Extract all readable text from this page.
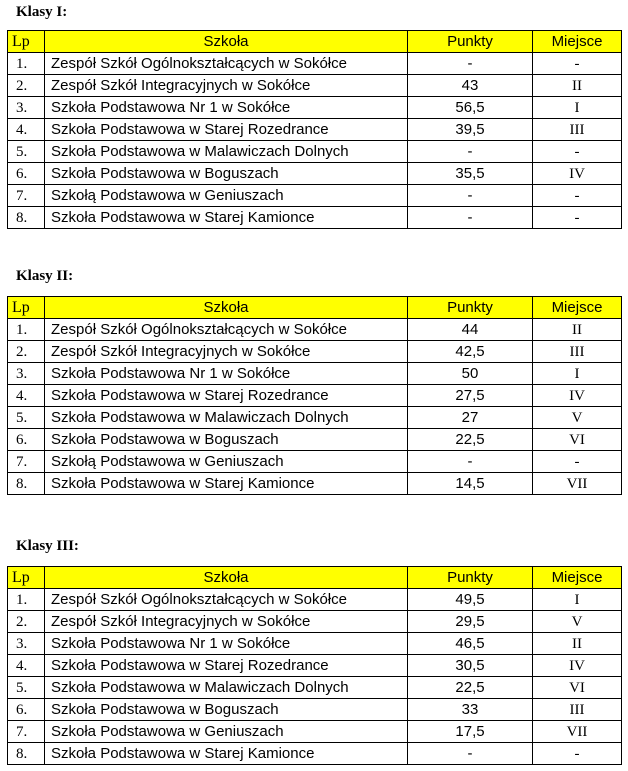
Klasy I:
Lp	Szkoła	Punkty	Miejsce
1.	Zespół Szkół Ogólnokształcących w Sokółce	-	-
2.	Zespół Szkół Integracyjnych w Sokółce	43	II
3.	Szkoła Podstawowa Nr 1 w Sokółce	56,5	I
4.	Szkoła Podstawowa w Starej Rozedrance	39,5	III
5.	Szkoła Podstawowa w Malawiczach Dolnych	-	-
6.	Szkoła Podstawowa w Boguszach	35,5	IV
7.	Szkołą Podstawowa w Geniuszach	-	-
8.	Szkoła Podstawowa w Starej Kamionce	-	-
Klasy II:
Lp	Szkoła	Punkty	Miejsce
1.	Zespół Szkół Ogólnokształcących w Sokółce	44	II
2.	Zespół Szkół Integracyjnych w Sokółce	42,5	III
3.	Szkoła Podstawowa Nr 1 w Sokółce	50	I
4.	Szkoła Podstawowa w Starej Rozedrance	27,5	IV
5.	Szkoła Podstawowa w Malawiczach Dolnych	27	V
6.	Szkoła Podstawowa w Boguszach	22,5	VI
7.	Szkołą Podstawowa w Geniuszach	-	-
8.	Szkoła Podstawowa w Starej Kamionce	14,5	VII
Klasy III:
Lp	Szkoła	Punkty	Miejsce
1.	Zespół Szkół Ogólnokształcących w Sokółce	49,5	I
2.	Zespół Szkół Integracyjnych w Sokółce	29,5	V
3.	Szkoła Podstawowa Nr 1 w Sokółce	46,5	II
4.	Szkoła Podstawowa w Starej Rozedrance	30,5	IV
5.	Szkoła Podstawowa w Malawiczach Dolnych	22,5	VI
6.	Szkoła Podstawowa w Boguszach	33	III
7.	Szkoła Podstawowa w Geniuszach	17,5	VII
8.	Szkoła Podstawowa w Starej Kamionce	-	-
